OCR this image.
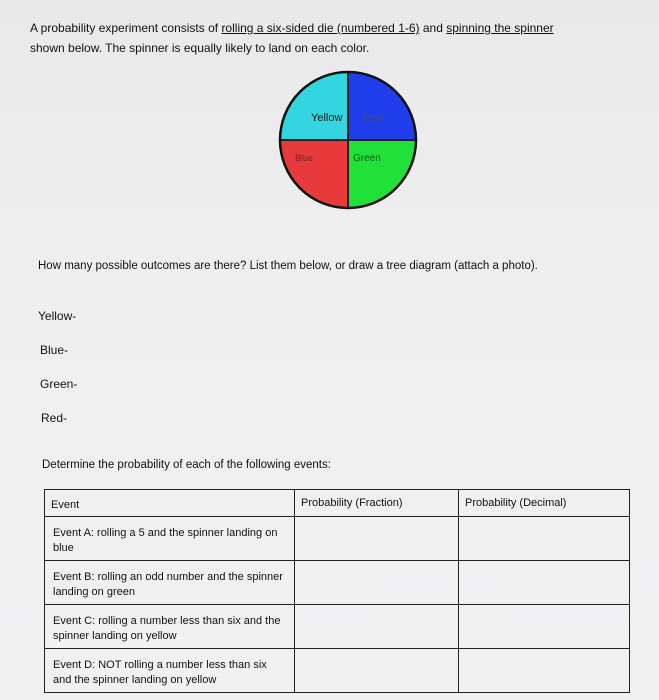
A probability experiment consists of rolling a six-sided die (numbered 1-6) and spinning the spinner
shown below. The spinner is equally likely to land on each color.
Yellow Red
Blue	Green
How many possible outcomes are there? List them below, or draw a tree diagram (attach a photo).
Yellow-
Blue-
Green-
Red-
Determine the probability of each of the following events:
Event	Probability (Fraction)	Probability (Decimal)

Event A: rolling a 5 and the spinner landing on blue		

Event B: rolling an odd number and the spinner landing on green		

Event C: rolling a number less than six and the spinner landing on yellow		

Event D: NOT rolling a number less than six and the spinner landing on yellow		
